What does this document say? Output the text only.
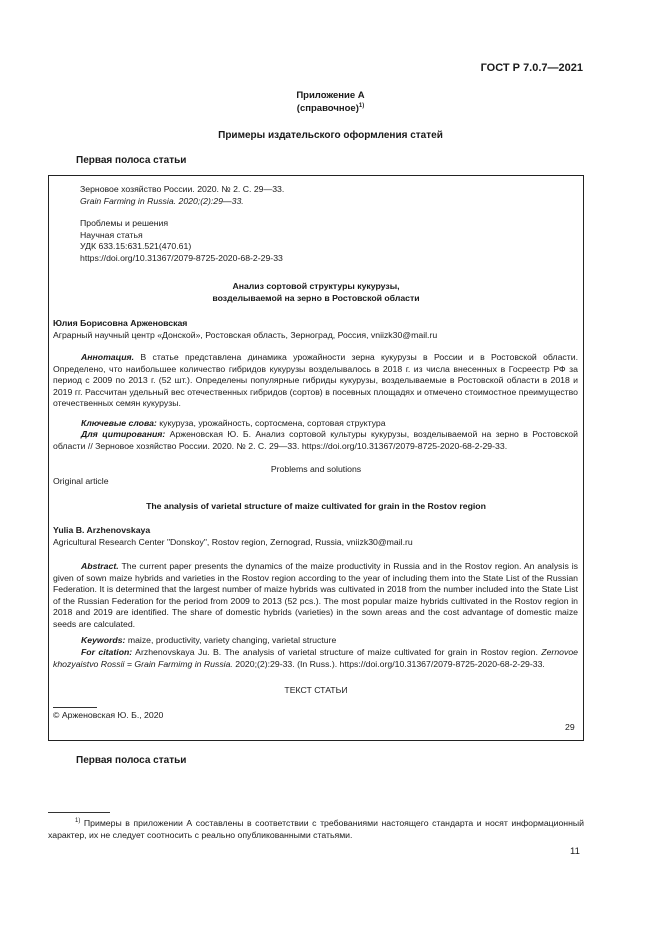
ГОСТ Р 7.0.7—2021
Приложение А
(справочное)$^{1)}$
Примеры издательского оформления статей
Первая полоса статьи
Зерновое хозяйство России. 2020. № 2. С. 29—33.
Grain Farming in Russia. 2020;(2):29—33.
Проблемы и решения
Научная статья
УДК 633.15:631.521(470.61)
https://doi.org/10.31367/2079-8725-2020-68-2-29-33
Анализ сортовой структуры кукурузы,
возделываемой на зерно в Ростовской области
Юлия Борисовна Арженовская
Аграрный научный центр «Донской», Ростовская область, Зерноград, Россия, vniizk30@mail.ru
Аннотация. В статье представлена динамика урожайности зерна кукурузы в России и в Ростовской области. Определено, что наибольшее количество гибридов кукурузы возделывалось в 2018 г. из числа внесенных в Госреестр РФ за период с 2009 по 2013 г. (52 шт.). Определены популярные гибриды кукурузы, возделываемые в Ростовской области в 2018 и 2019 гг. Рассчитан удельный вес отечественных гибридов (сортов) в посевных площадях и отмечено стоимостное преимущество отечественных семян кукурузы.
Ключевые слова: кукуруза, урожайность, сортосмена, сортовая структура
Для цитирования: Арженовская Ю. Б. Анализ сортовой культуры кукурузы, возделываемой на зерно в Ростовской области // Зерновое хозяйство России. 2020. № 2. С. 29—33. https://doi.org/10.31367/2079-8725-2020-68-2-29-33.
Problems and solutions
Original article
The analysis of varietal structure of maize cultivated for grain in the Rostov region
Yulia B. Arzhenovskaya
Agricultural Research Center "Donskoy", Rostov region, Zernograd, Russia, vniizk30@mail.ru
Abstract. The current paper presents the dynamics of the maize productivity in Russia and in the Rostov region. An analysis is given of sown maize hybrids and varieties in the Rostov region according to the year of including them into the State List of the Russian Federation. It is determined that the largest number of maize hybrids was cultivated in 2018 from the number included into the State List of the Russian Federation for the period from 2009 to 2013 (52 pcs.). The most popular maize hybrids cultivated in the Rostov region in 2018 and 2019 are identified. The share of domestic hybrids (varieties) in the sown areas and the cost advantage of domestic maize seeds are calculated.
Keywords: maize, productivity, variety changing, varietal structure
For citation: Arzhenovskaya Ju. B. The analysis of varietal structure of maize cultivated for grain in Rostov region. Zernovoe khozyaistvo Rossii = Grain Farmimg in Russia. 2020;(2):29-33. (In Russ.). https://doi.org/10.31367/2079-8725-2020-68-2-29-33.
ТЕКСТ СТАТЬИ
© Арженовская Ю. Б., 2020
29
Первая полоса статьи
$^{1)}$ Примеры в приложении А составлены в соответствии с требованиями настоящего стандарта и носят информационный характер, их не следует соотносить с реально опубликованными статьями.
11
